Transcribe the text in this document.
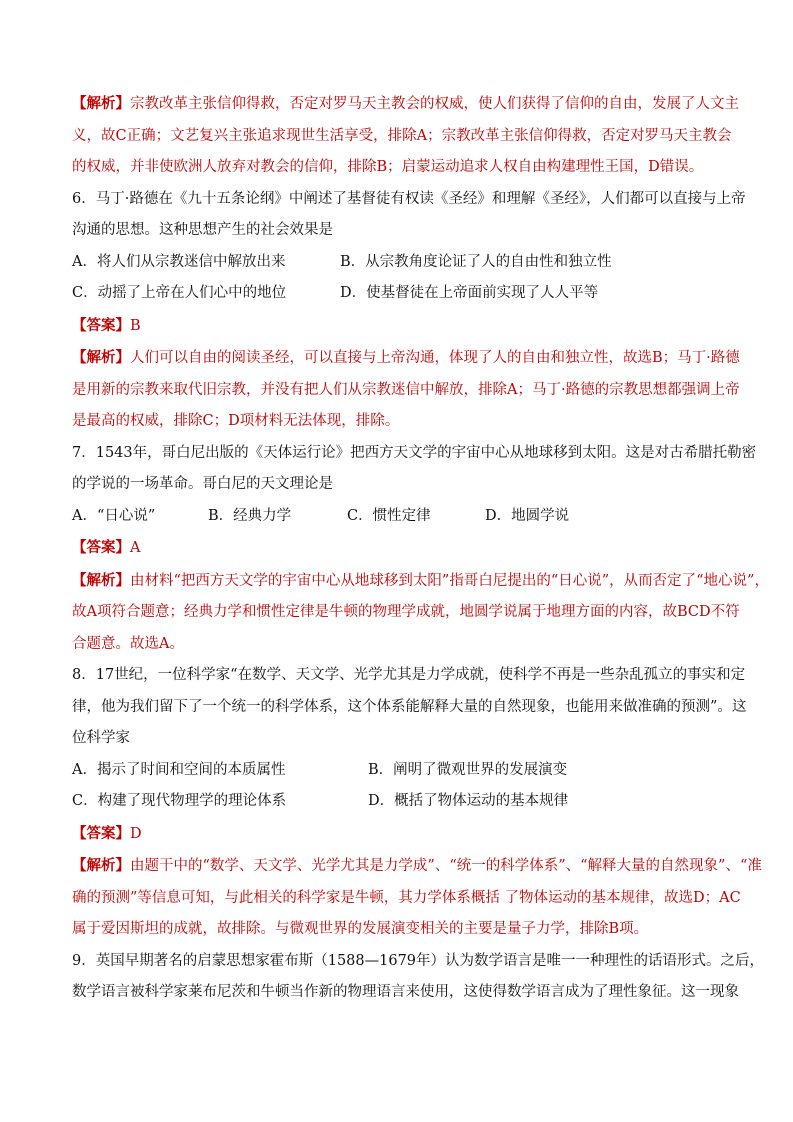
【解析】宗教改革主张信仰得救，否定对罗马天主教会的权威，使人们获得了信仰的自由，发展了人文主
义，故C正确；文艺复兴主张追求现世生活享受，排除A；宗教改革主张信仰得救，否定对罗马天主教会
的权威，并非使欧洲人放弃对教会的信仰，排除B；启蒙运动追求人权自由构建理性王国，D错误。
6．马丁·路德在《九十五条论纲》中阐述了基督徒有权读《圣经》和理解《圣经》，人们都可以直接与上帝
沟通的思想。这种思想产生的社会效果是
A．将人们从宗教迷信中解放出来	B．从宗教角度论证了人的自由性和独立性
C．动摇了上帝在人们心中的地位	D．使基督徒在上帝面前实现了人人平等
【答案】B
【解析】人们可以自由的阅读圣经，可以直接与上帝沟通，体现了人的自由和独立性，故选B；马丁·路德
是用新的宗教来取代旧宗教，并没有把人们从宗教迷信中解放，排除A；马丁·路德的宗教思想都强调上帝
是最高的权威，排除C；D项材料无法体现，排除。
7．1543年，哥白尼出版的《天体运行论》把西方天文学的宇宙中心从地球移到太阳。这是对古希腊托勒密
的学说的一场革命。哥白尼的天文理论是
A．“日心说”	B．经典力学	C．惯性定律	D．地圆学说
【答案】A
【解析】由材料“把西方天文学的宇宙中心从地球移到太阳”指哥白尼提出的“日心说”，从而否定了“地心说”，
故A项符合题意；经典力学和惯性定律是牛顿的物理学成就，地圆学说属于地理方面的内容，故BCD不符
合题意。故选A。
8．17世纪，一位科学家“在数学、天文学、光学尤其是力学成就，使科学不再是一些杂乱孤立的事实和定
律，他为我们留下了一个统一的科学体系，这个体系能解释大量的自然现象，也能用来做准确的预测”。这
位科学家
A．揭示了时间和空间的本质属性	B．阐明了微观世界的发展演变
C．构建了现代物理学的理论体系	D．概括了物体运动的基本规律
【答案】D
【解析】由题干中的“数学、天文学、光学尤其是力学成”、“统一的科学体系”、“解释大量的自然现象”、“准
确的预测”等信息可知，与此相关的科学家是牛顿，其力学体系概括 了物体运动的基本规律，故选D；AC
属于爱因斯坦的成就，故排除。与微观世界的发展演变相关的主要是量子力学，排除B项。
9．英国早期著名的启蒙思想家霍布斯（1588—1679年）认为数学语言是唯一一种理性的话语形式。之后，
数学语言被科学家莱布尼茨和牛顿当作新的物理语言来使用，这使得数学语言成为了理性象征。这一现象
